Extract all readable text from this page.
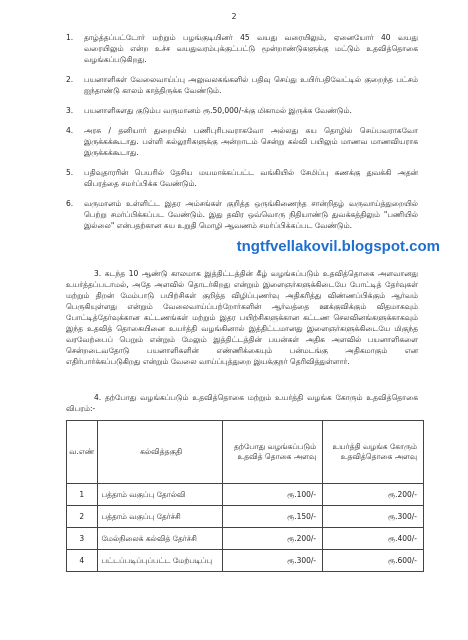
2
1.	தாழ்த்தப்பட்டோர் மற்றும் பழங்குடியினர் 45 வயது வரையிலும், ஏனையோர் 40 வயது வரையிலும் என்ற உச்ச வயதுவரம்புக்குட்பட்டு மூன்றாண்டுகளுக்கு மட்டும் உதவித்தொகை வழங்கப்படுகிறது.
2.	பயனாளிகள் வேலைவாய்ப்பு அலுவலகங்களில் பதிவு செய்து உயிர்பதிவேட்டில் குறைந்த பட்சம் ஐந்தாண்டு காலம் காத்திருக்க வேண்டும்.
3.	பயனாளிகளது குடும்ப வருமானம் ரூ.50,000/-க்கு மிகாமல் இருக்க வேண்டும்.
4.	அரசு / தனியார் துறையில் பணிபுரிபவராகவோ அல்லது சுய தொழில் செய்பவராகவோ இருக்கக்கூடாது. பள்ளி கல்லூரிகளுக்கு அன்றாடம் சென்று கல்வி பயிலும் மாணவ மாணவியராக இருக்கக்கூடாது.
5.	பதிவுதாரரின் பெயரில் தேசிய மயமாக்கப்பட்ட வங்கியில் சேமிப்பு கணக்கு துவக்கி அதன் விபரத்தை சமர்ப்பிக்க வேண்டும்.
6.	வருமானம் உள்ளிட்ட இதர அம்சங்கள் குறித்த ஒருங்கிணைந்த சான்றிதழ் வருவாய்த்துறையில் பெற்று சமர்ப்பிக்கப்பட வேண்டும். இது தவிர ஒவ்வொரு நிதியாண்டு துவக்கத்திலும் "பணியில் இல்லை" என்பதற்கான சுய உறுதி மொழி ஆவணம் சமர்ப்பிக்கப்பட வேண்டும்.
tngtfvellakovil.blogspot.com
3. கடந்த 10 ஆண்டு காலமாக இத்திட்டத்தின் கீழ் வழங்கப்படும் உதவித்தொகை அளவானது உயர்த்தப்படாமல், அதே அளவில் தொடர்கிறது என்றும் இளைஞர்களுக்கிடையே போட்டித் தேர்வுகள் மற்றும் திறன் மேம்பாடு பயிற்சிகள் குறித்த விழிப்புணர்வு அதிகரித்து விண்ணப்பிக்கும் ஆர்வம் பெருகியுள்ளது என்றும் வேலைவாய்ப்பற்றோர்களின் ஆர்வத்தை ஊக்குவிக்கும் விதமாகவும் போட்டித்தேர்வுக்கான கட்டணங்கள் மற்றும் இதர பயிற்சிகளுக்கான கட்டண செலவினங்களுக்காகவும் இந்த உதவித் தொகையினை உயர்த்தி வழங்கினால் இத்திட்டமானது இளைஞர்களுக்கிடையே மிகுந்த வரவேற்பைப் பெறும் என்றும் மேலும் இத்திட்டத்தின் பயன்கள் அதிக அளவில் பயனாளிகளை சென்றடைவதோடு பயனாளிகளின் எண்ணிக்கையும் பன்மடங்கு அதிகமாகும் என எதிர்பார்க்கப்படுகிறது என்றும் வேலை வாய்ப்புத்துறை இயக்குநர் தெரிவித்துள்ளார்.
4. தற்போது வழங்கப்படும் உதவித்தொகை மற்றும் உயர்த்தி வழங்க கோரும் உதவித்தொகை விபரம்:-
வ.எண்	கல்வித்தகுதி	தற்போது வழங்கப்படும் உதவித் தொகை அளவு	உயர்த்தி வழங்க கோரும் உதவித்தொகை அளவு
1	பத்தாம் வகுப்பு தோல்வி	ரூ.100/-	ரூ.200/-
2	பத்தாம் வகுப்பு தேர்ச்சி	ரூ.150/-	ரூ.300/-
3	மேல்நிலைக் கல்வித் தேர்ச்சி	ரூ.200/-	ரூ.400/-
4	பட்டப்படிப்புப்பட்ட மேற்படிப்பு	ரூ.300/-	ரூ.600/-
